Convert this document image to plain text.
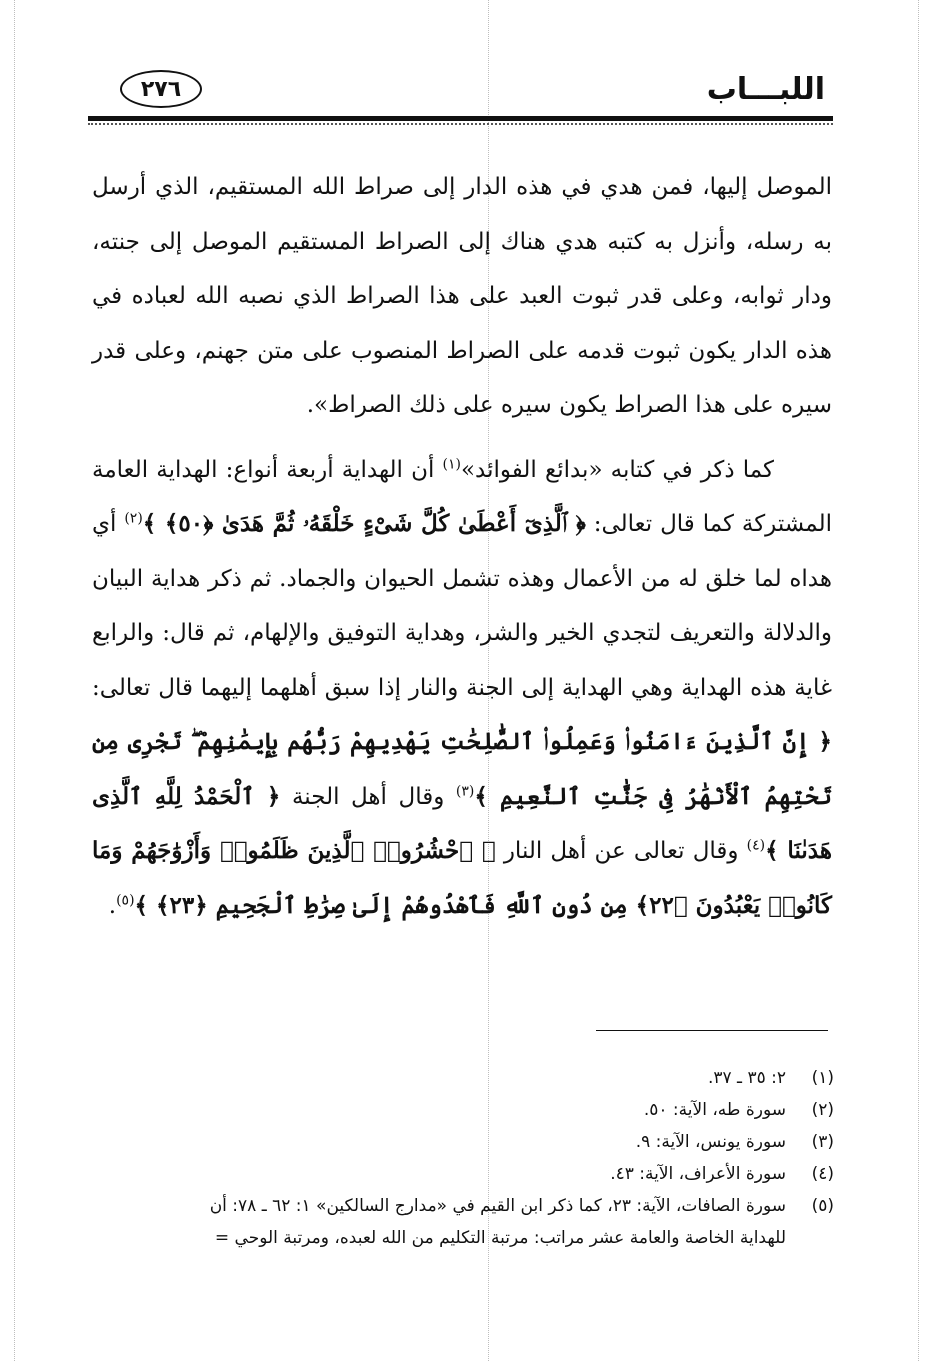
اللبـــاب
٢٧٦

الموصل إليها، فمن هدي في هذه الدار إلى صراط الله المستقيم، الذي أرسل به رسله، وأنزل به كتبه هدي هناك إلى الصراط المستقيم الموصل إلى جنته، ودار ثوابه، وعلى قدر ثبوت العبد على هذا الصراط الذي نصبه الله لعباده في هذه الدار يكون ثبوت قدمه على الصراط المنصوب على متن جهنم، وعلى قدر سيره على هذا الصراط يكون سيره على ذلك الصراط».

كما ذكر في كتابه «بدائع الفوائد»$^{(١)}$ أن الهداية أربعة أنواع: الهداية العامة المشتركة كما قال تعالى: ﴿ ٱلَّذِىٓ أَعْطَىٰ كُلَّ شَىْءٍ خَلْقَهُۥ ثُمَّ هَدَىٰ ﴿٥٠﴾ ﴾$^{(٢)}$ أي هداه لما خلق له من الأعمال وهذه تشمل الحيوان والجماد. ثم ذكر هداية البيان والدلالة والتعريف لتجدي الخير والشر، وهداية التوفيق والإلهام، ثم قال: والرابع غاية هذه الهداية وهي الهداية إلى الجنة والنار إذا سبق أهلهما إليهما قال تعالى: ﴿ إِنَّ ٱلَّذِينَ ءَامَنُوا۟ وَعَمِلُوا۟ ٱلصَّٰلِحَٰتِ يَهْدِيهِمْ رَبُّهُم بِإِيمَٰنِهِمْ ۖ تَجْرِى مِن تَحْتِهِمُ ٱلْأَنْهَٰرُ فِى جَنَّٰتِ ٱلنَّعِيمِ ﴾$^{(٣)}$ وقال أهل الجنة ﴿ ٱلْحَمْدُ لِلَّهِ ٱلَّذِى هَدَىٰنَا ﴾$^{(٤)}$ وقال تعالى عن أهل النار ﴿ ٱحْشُرُوا۟ ٱلَّذِينَ ظَلَمُوا۟ وَأَزْوَٰجَهُمْ وَمَا كَانُوا۟ يَعْبُدُونَ ﴿٢٢﴾ مِن دُونِ ٱللَّهِ فَٱهْدُوهُمْ إِلَىٰ صِرَٰطِ ٱلْجَحِيمِ ﴿٢٣﴾ ﴾$^{(٥)}$.

(١)
٢: ٣٥ ـ ٣٧.
(٢)
سورة طه، الآية: ٥٠.
(٣)
سورة يونس، الآية: ٩.
(٤)
سورة الأعراف، الآية: ٤٣.
(٥)
سورة الصافات، الآية: ٢٣، كما ذكر ابن القيم في «مدارج السالكين» ١: ٦٢ ـ ٧٨: أن
للهداية الخاصة والعامة عشر مراتب: مرتبة التكليم من الله لعبده، ومرتبة الوحي =
